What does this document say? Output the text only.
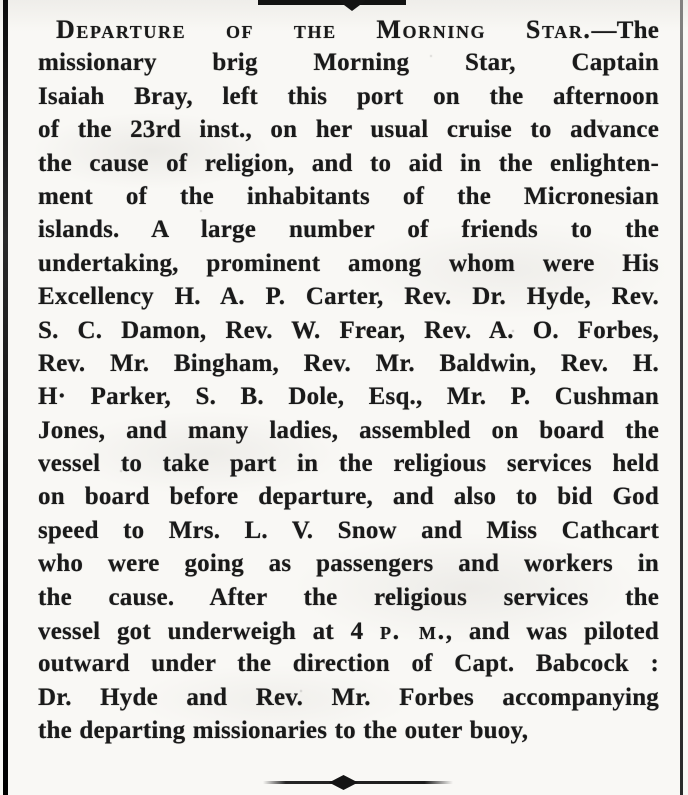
Departure of the Morning Star.—The
missionary brig Morning Star, Captain
Isaiah Bray, left this port on the afternoon
of the 23rd inst., on her usual cruise to advance
the cause of religion, and to aid in the enlighten-
ment of the inhabitants of the Micronesian
islands. A large number of friends to the
undertaking, prominent among whom were His
Excellency H. A. P. Carter, Rev. Dr. Hyde, Rev.
S. C. Damon, Rev. W. Frear, Rev. A. O. Forbes,
Rev. Mr. Bingham, Rev. Mr. Baldwin, Rev. H.
H· Parker, S. B. Dole, Esq., Mr. P. Cushman
Jones, and many ladies, assembled on board the
vessel to take part in the religious services held
on board before departure, and also to bid God
speed to Mrs. L. V. Snow and Miss Cathcart
who were going as passengers and workers in
the cause. After the religious services the
vessel got underweigh at 4 p. m., and was piloted
outward under the direction of Capt. Babcock :
Dr. Hyde and Rev. Mr. Forbes accompanying
the departing missionaries to the outer buoy,
